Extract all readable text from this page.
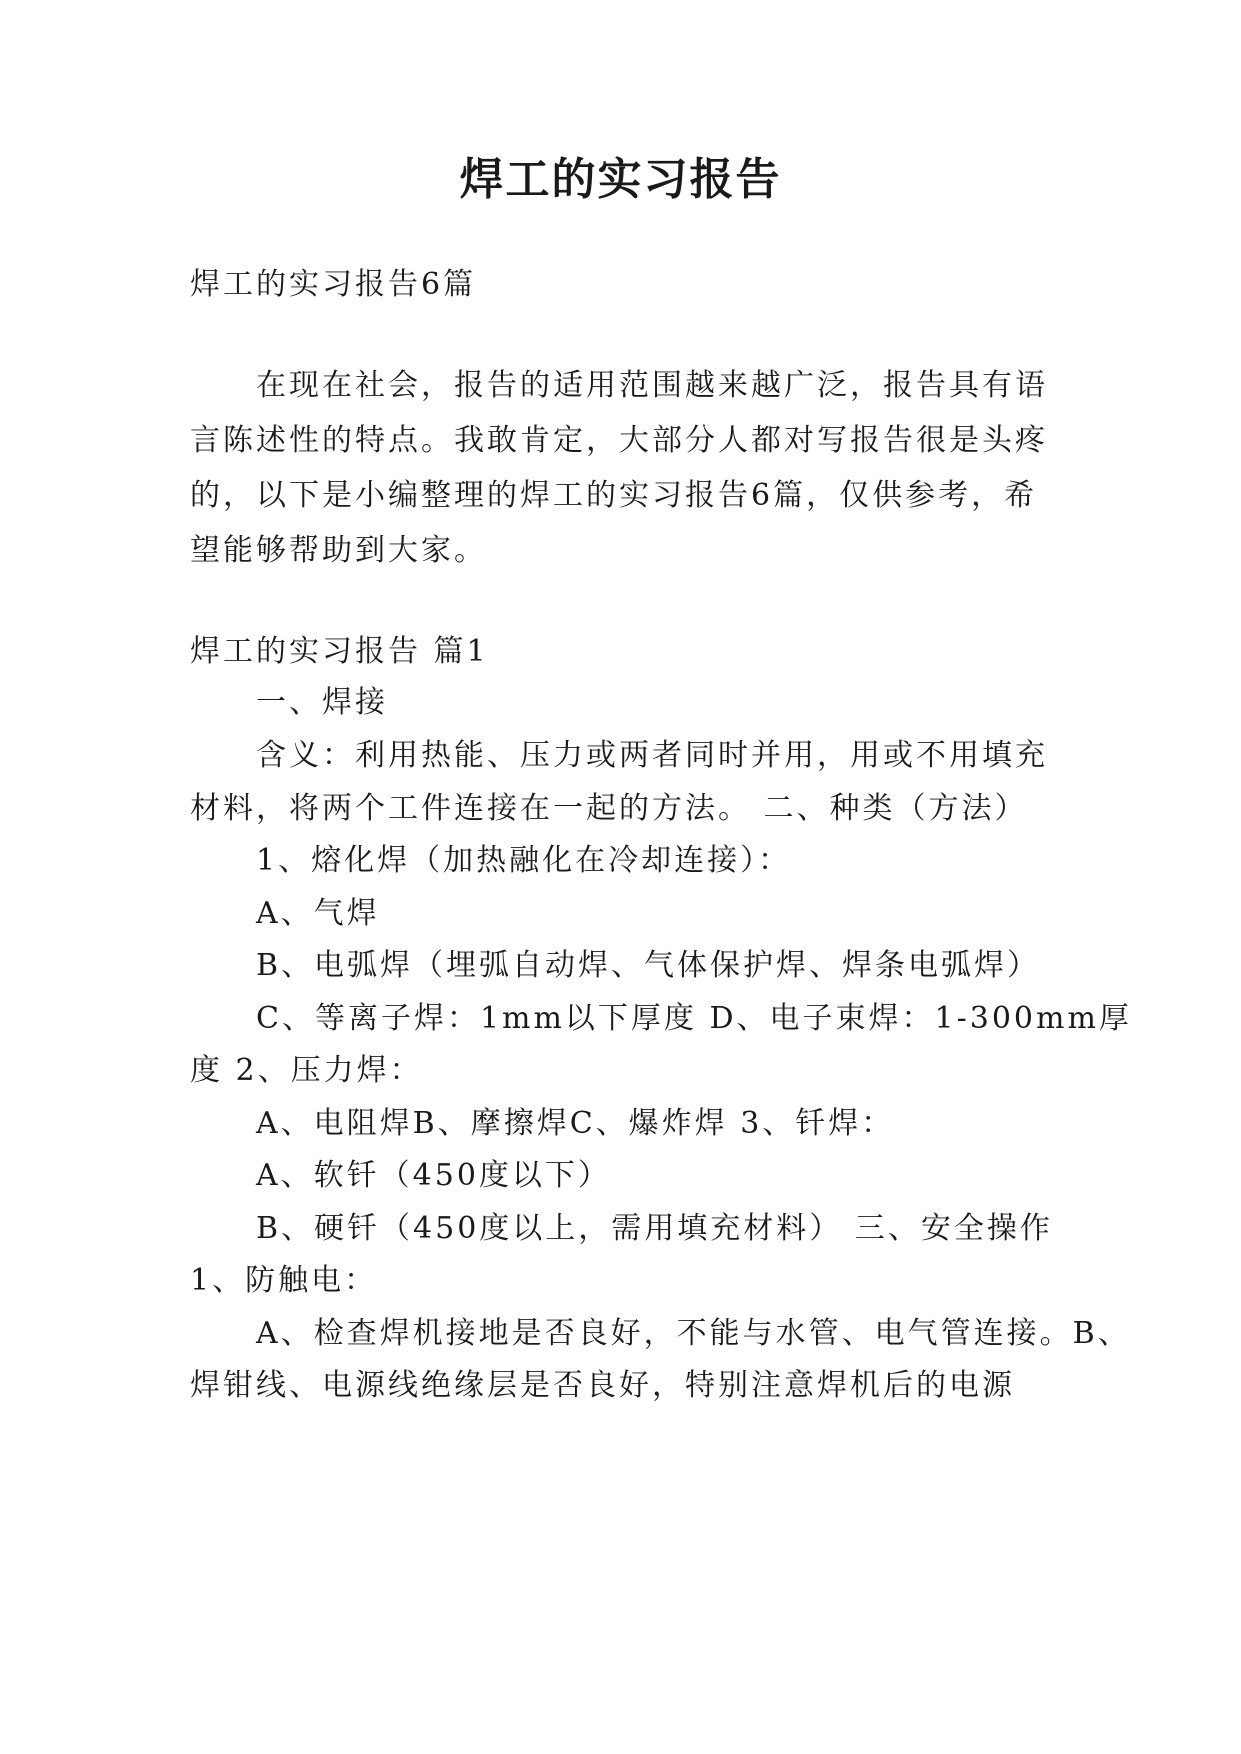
焊工的实习报告

焊工的实习报告6篇

在现在社会，报告的适用范围越来越广泛，报告具有语

言陈述性的特点。我敢肯定，大部分人都对写报告很是头疼

的，以下是小编整理的焊工的实习报告6篇，仅供参考，希

望能够帮助到大家。

焊工的实习报告 篇1

一、焊接

含义：利用热能、压力或两者同时并用，用或不用填充

材料，将两个工件连接在一起的方法。 二、种类（方法）

1、熔化焊（加热融化在冷却连接）：

A、气焊

B、电弧焊（埋弧自动焊、气体保护焊、焊条电弧焊）

C、等离子焊：1mm以下厚度 D、电子束焊：1-300mm厚

度 2、压力焊：

A、电阻焊B、摩擦焊C、爆炸焊 3、钎焊：

A、软钎（450度以下）

B、硬钎（450度以上，需用填充材料） 三、安全操作

1、防触电：

A、检查焊机接地是否良好，不能与水管、电气管连接。B、

焊钳线、电源线绝缘层是否良好，特别注意焊机后的电源
